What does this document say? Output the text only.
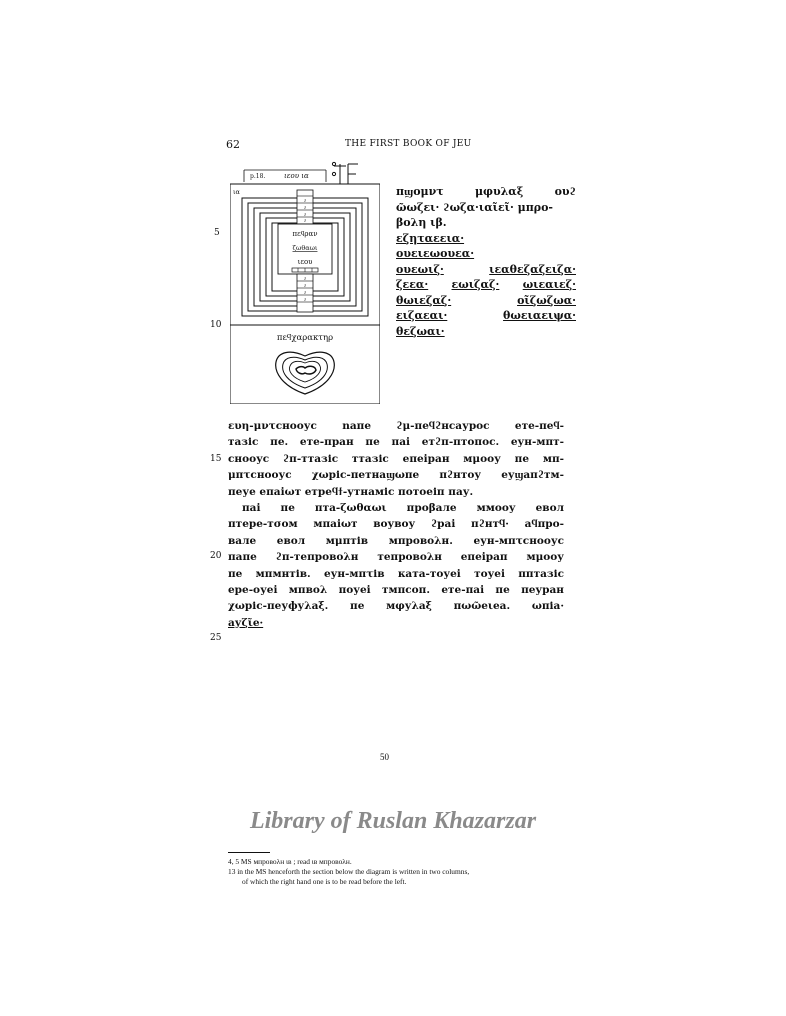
62	THE FIRST BOOK OF JEU
p.18.	ιεου ια
ια
ϩ
ϩ
ϩ
ϩ
πεϥραν
ζωθαωι
ιεου
ϩ
ϩ
ϩ
ϩ
πεϥχαρακτηρ
πϣομντ	μφυλαξ	ουϩ
ῶωζει· ϩωζα·ιαῖεῖ· μπρο-
βολη ιβ.
εζηταεεια·
ουειεωουεα·
ουεωιζ·	ιεαθεζαζειζα·
ζεεα· εωιζαζ· ωιεαιεζ·
θωιεζαζ·	οῖζωζωα·
ειζαεαι·	θωειαειψα·
θεζωαι·
5
10
15
20
25
ευη-μντснооус nапе ϩμ-пеϥϩнсаурос етe-пеϥ-
тазіс пе. етe-пран пе пai етϩп-птопос. еун-мпт-
снооус ϩп-ттазіс ттазіс епеiран мμооу пе мп-
μпτснооус χωріс-петнаϣωпе пϩнтоу еуϣапϩтм-
пеуе епаiωт етреϥϯ-утнаміс потоеіп пау.
пai пе пта-ζωθαωι прοβале ммооу евол
птере-тσом мпаiωт воувоу ϩраi пϩнтϥ· аϥпро-
вале евол мμптів мпровоλн. еун-мпτснооус
папе ϩп-тепровоλн тепровоλн епеiрап мμооу
пе мпмнтів. еун-мпτів ката-тоуеi тоуеi пптазіс
ере-оуеi мпвоλ поуеi тмпсоп. етe-пai пе пеуран
χωріс-пеуфуλаξ. пе мφуλаξ пωῶеιеа. ωпіа·
ауζῖе·
4, 5 MS мпровоλн ιв ; read ιв мпровоλн.
13 in the MS henceforth the section below the diagram is written in two columns,
of which the right hand one is to be read before the left.
50
Library of Ruslan Khazarzar
